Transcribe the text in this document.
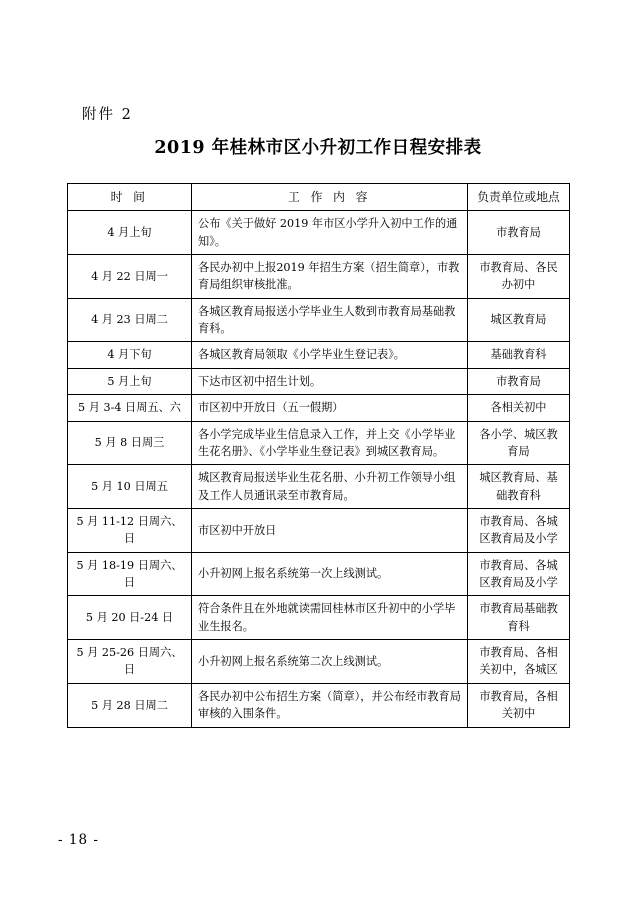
附件 2
2019 年桂林市区小升初工作日程安排表
时 间	工 作 内 容	负责单位或地点
4 月上旬	公布《关于做好 2019 年市区小学升入初中工作的通知》。	市教育局
4 月 22 日周一	各民办初中上报2019 年招生方案（招生简章），市教育局组织审核批准。	市教育局、各民办初中
4 月 23 日周二	各城区教育局报送小学毕业生人数到市教育局基础教育科。	城区教育局
4 月下旬	各城区教育局领取《小学毕业生登记表》。	基础教育科
5 月上旬	下达市区初中招生计划。	市教育局
5 月 3-4 日周五、六	市区初中开放日（五一假期）	各相关初中
5 月 8 日周三	各小学完成毕业生信息录入工作，并上交《小学毕业生花名册》、《小学毕业生登记表》到城区教育局。	各小学、城区教育局
5 月 10 日周五	城区教育局报送毕业生花名册、小升初工作领导小组及工作人员通讯录至市教育局。	城区教育局、基础教育科
5 月 11-12 日周六、日	市区初中开放日	市教育局、各城区教育局及小学
5 月 18-19 日周六、日	小升初网上报名系统第一次上线测试。	市教育局、各城区教育局及小学
5 月 20 日-24 日	符合条件且在外地就读需回桂林市区升初中的小学毕业生报名。	市教育局基础教育科
5 月 25-26 日周六、日	小升初网上报名系统第二次上线测试。	市教育局、各相关初中，各城区
5 月 28 日周二	各民办初中公布招生方案（简章），并公布经市教育局审核的入围条件。	市教育局，各相关初中
- 18 -
